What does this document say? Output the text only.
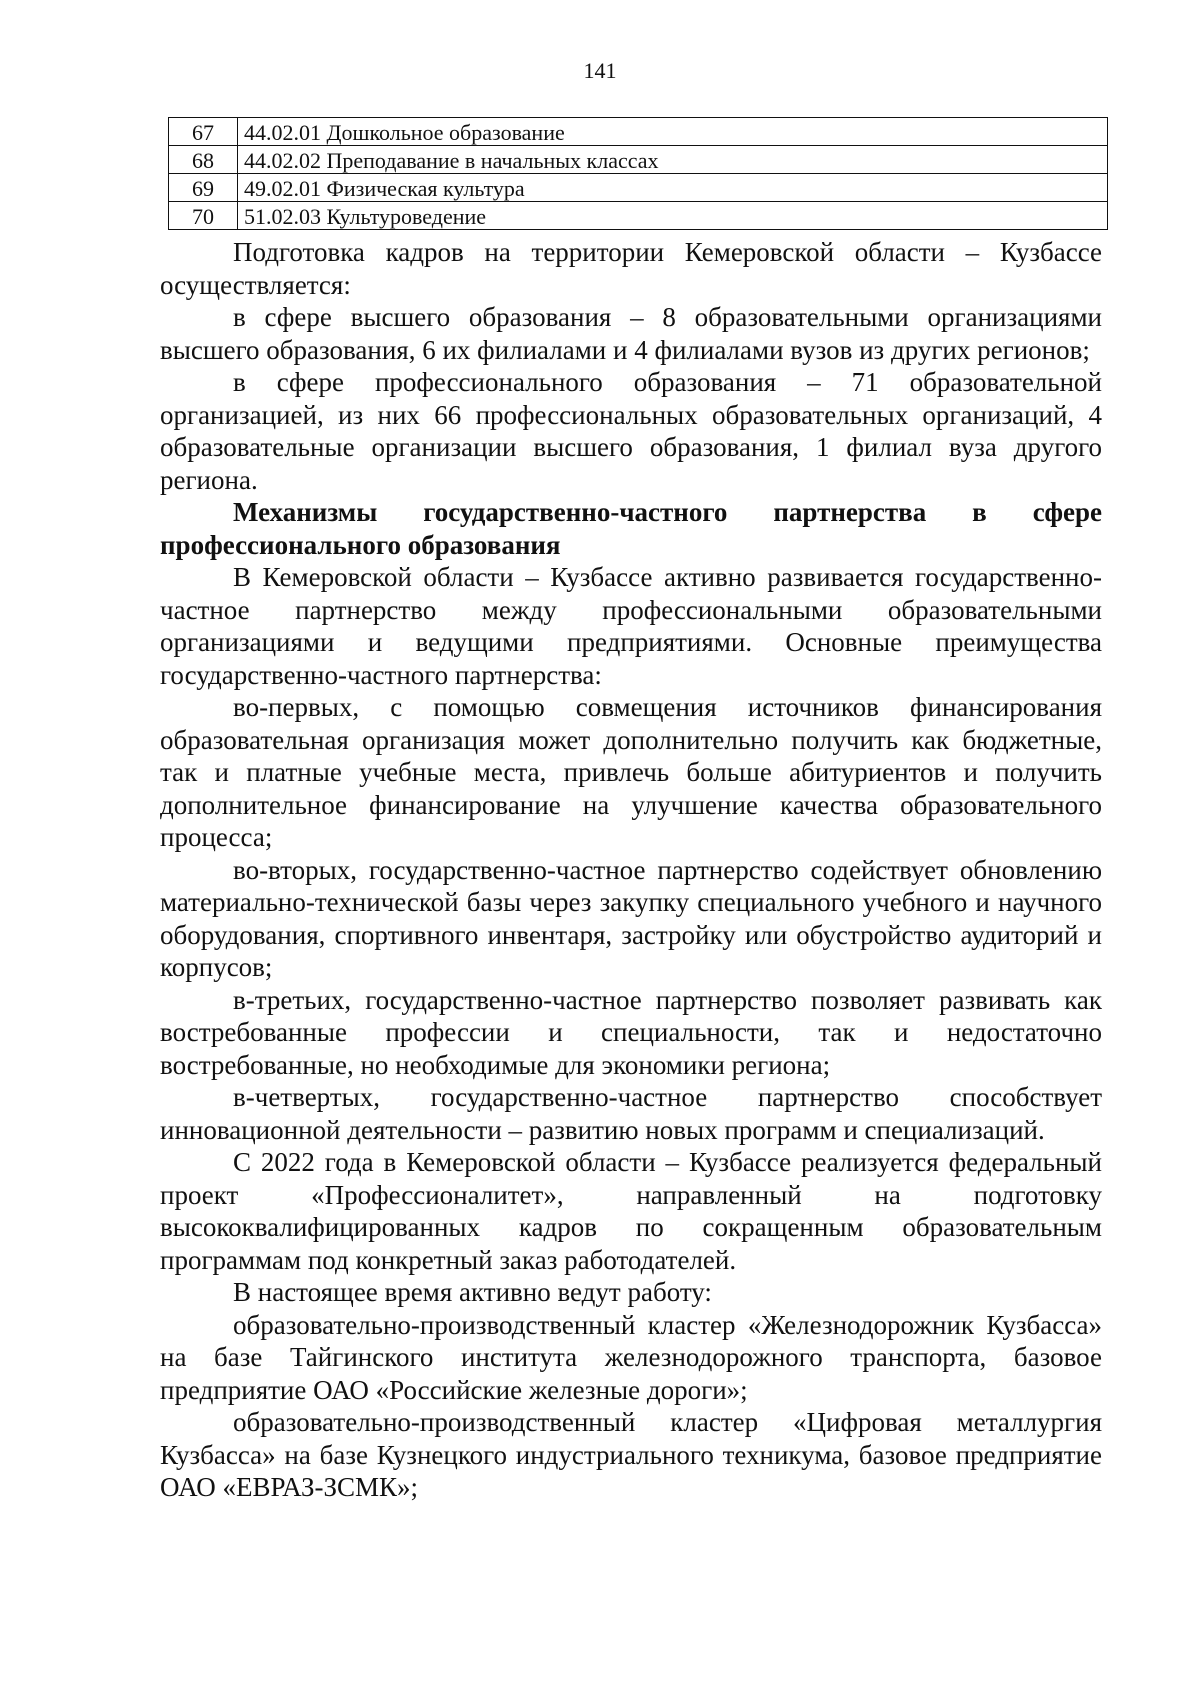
141
67	44.02.01 Дошкольное образование
68	44.02.02 Преподавание в начальных классах
69	49.02.01 Физическая культура
70	51.02.03 Культуроведение

Подготовка кадров на территории Кемеровской области – Кузбассе осуществляется:

в сфере высшего образования – 8 образовательными организациями высшего образования, 6 их филиалами и 4 филиалами вузов из других регионов;

в сфере профессионального образования – 71 образовательной организацией, из них 66 профессиональных образовательных организаций, 4 образовательные организации высшего образования, 1 филиал вуза другого региона.

Механизмы государственно-частного партнерства в сфере профессионального образования

В Кемеровской области – Кузбассе активно развивается государственно-частное партнерство между профессиональными образовательными организациями и ведущими предприятиями. Основные преимущества государственно-частного партнерства:

во-первых, с помощью совмещения источников финансирования образовательная организация может дополнительно получить как бюджетные, так и платные учебные места, привлечь больше абитуриентов и получить дополнительное финансирование на улучшение качества образовательного процесса;

во-вторых, государственно-частное партнерство содействует обновлению материально-технической базы через закупку специального учебного и научного оборудования, спортивного инвентаря, застройку или обустройство аудиторий и корпусов;

в-третьих, государственно-частное партнерство позволяет развивать как востребованные профессии и специальности, так и недостаточно востребованные, но необходимые для экономики региона;

в-четвертых, государственно-частное партнерство способствует инновационной деятельности – развитию новых программ и специализаций.

С 2022 года в Кемеровской области – Кузбассе реализуется федеральный проект «Профессионалитет», направленный на подготовку высококвалифицированных кадров по сокращенным образовательным программам под конкретный заказ работодателей.

В настоящее время активно ведут работу:

образовательно-производственный кластер «Железнодорожник Кузбасса» на базе Тайгинского института железнодорожного транспорта, базовое предприятие ОАО «Российские железные дороги»;

образовательно-производственный кластер «Цифровая металлургия Кузбасса» на базе Кузнецкого индустриального техникума, базовое предприятие ОАО «ЕВРАЗ-ЗСМК»;
